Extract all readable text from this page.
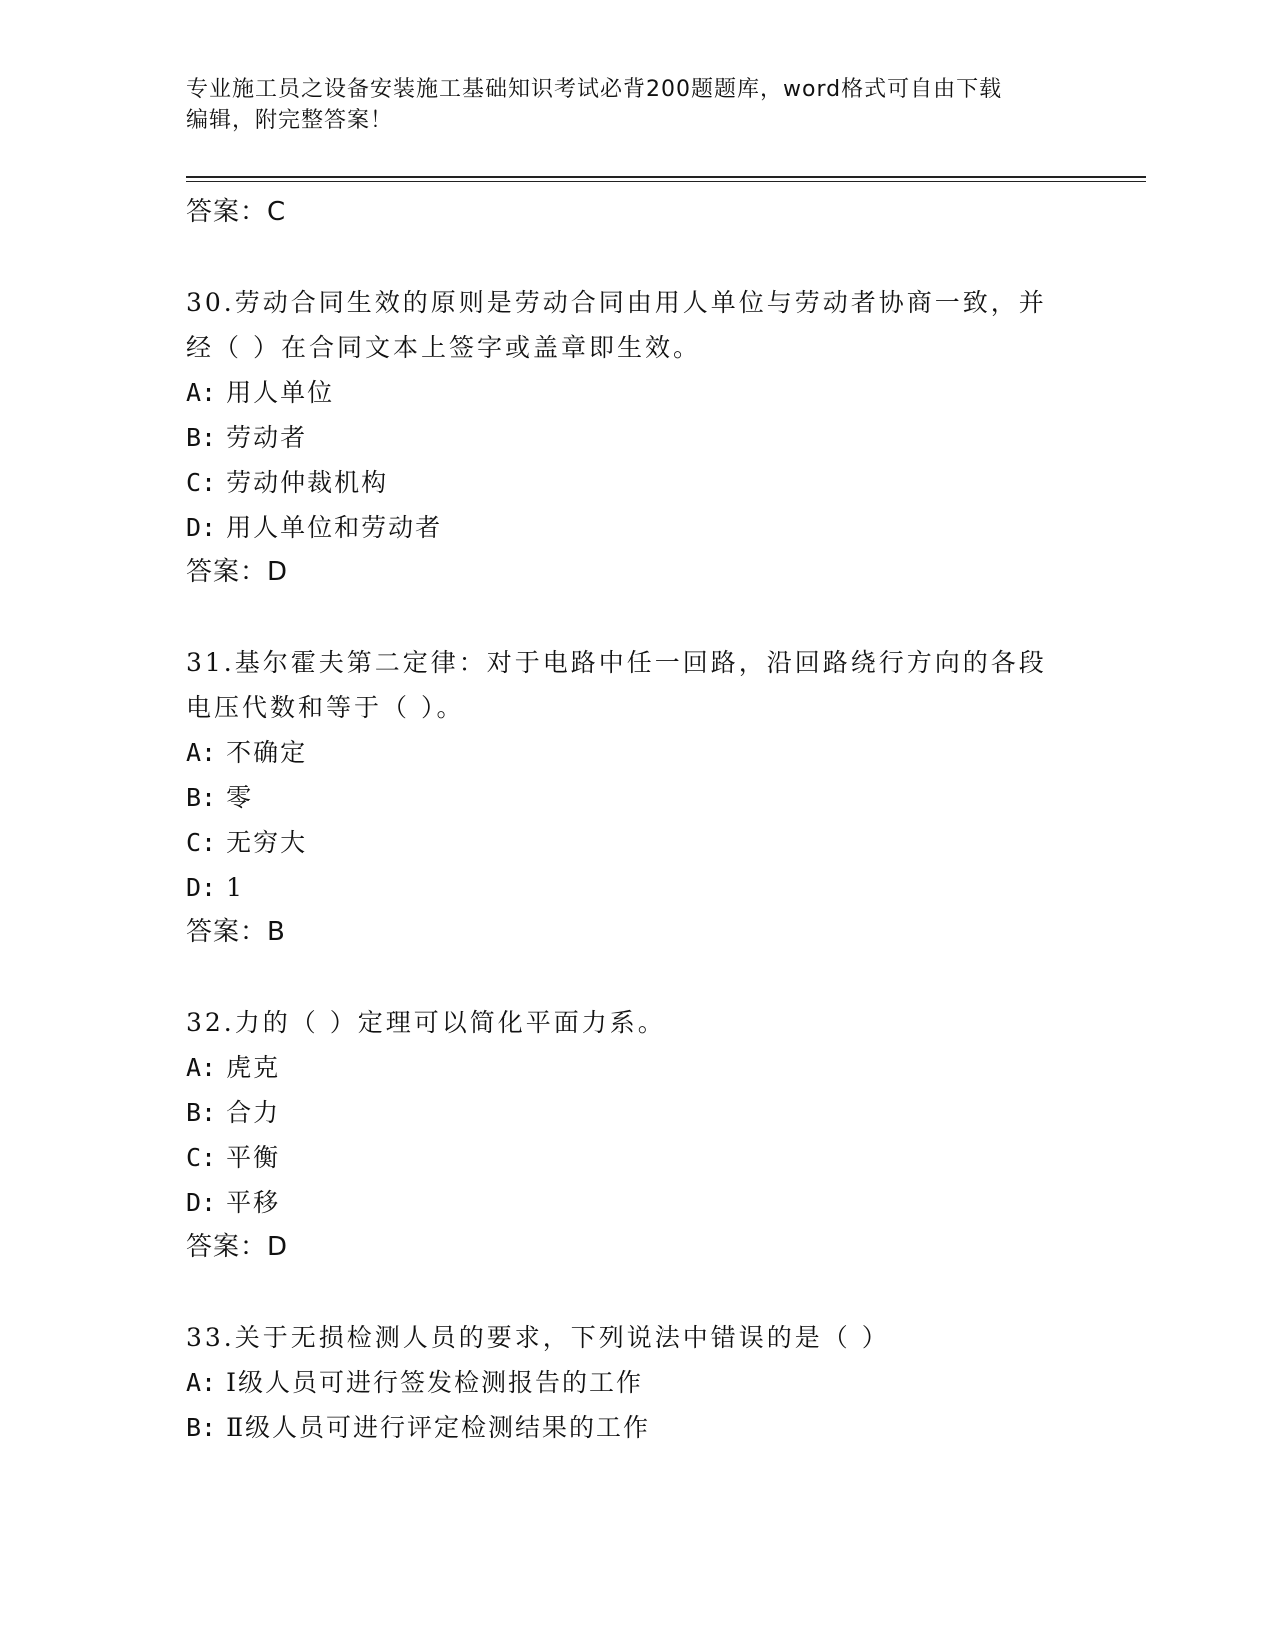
专业施工员之设备安装施工基础知识考试必背200题题库，word格式可自由下载
编辑，附完整答案！
答案：C
30.劳动合同生效的原则是劳动合同由用人单位与劳动者协商一致，并
经（ ）在合同文本上签字或盖章即生效。
A: 用人单位
B: 劳动者
C: 劳动仲裁机构
D: 用人单位和劳动者
答案：D
31.基尔霍夫第二定律：对于电路中任一回路，沿回路绕行方向的各段
电压代数和等于（ ）。
A: 不确定
B: 零
C: 无穷大
D: 1
答案：B
32.力的（ ）定理可以简化平面力系。
A: 虎克
B: 合力
C: 平衡
D: 平移
答案：D
33.关于无损检测人员的要求，下列说法中错误的是（ ）
A: Ⅰ级人员可进行签发检测报告的工作
B: Ⅱ级人员可进行评定检测结果的工作
